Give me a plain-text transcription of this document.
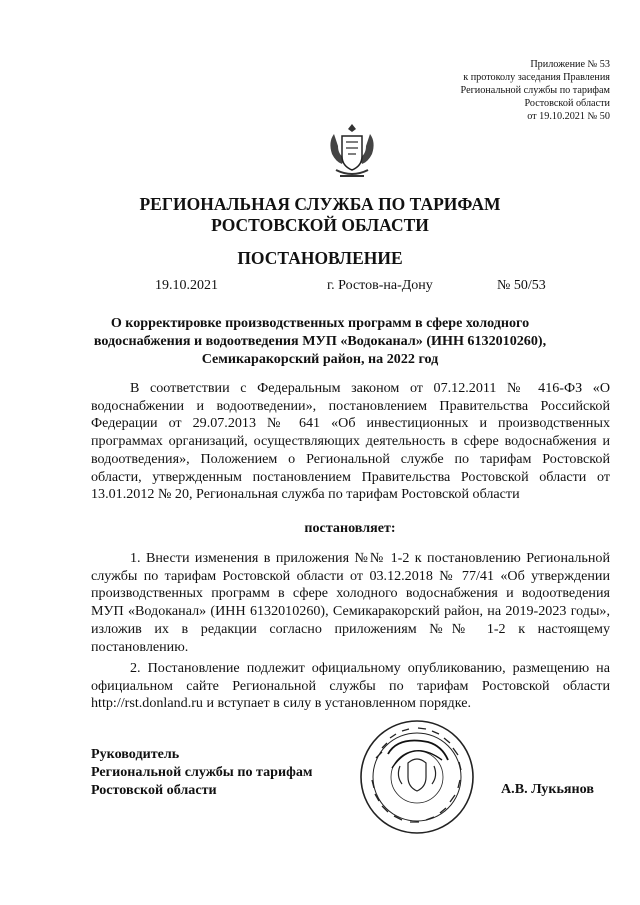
Приложение № 53
к протоколу заседания Правления
Региональной службы по тарифам
Ростовской области
от 19.10.2021 № 50
РЕГИОНАЛЬНАЯ СЛУЖБА ПО ТАРИФАМ
РОСТОВСКОЙ ОБЛАСТИ
ПОСТАНОВЛЕНИЕ
19.10.2021	г. Ростов-на-Дону	№ 50/53
О корректировке производственных программ в сфере холодного водоснабжения и водоотведения МУП «Водоканал» (ИНН 6132010260), Семикаракорский район, на 2022 год
В соответствии с Федеральным законом от 07.12.2011 № 416-ФЗ «О водоснабжении и водоотведении», постановлением Правительства Российской Федерации от 29.07.2013 № 641 «Об инвестиционных и производственных программах организаций, осуществляющих деятельность в сфере водоснабжения и водоотведения», Положением о Региональной службе по тарифам Ростовской области, утвержденным постановлением Правительства Ростовской области от 13.01.2012 № 20, Региональная служба по тарифам Ростовской области
постановляет:
1. Внести изменения в приложения №№ 1-2 к постановлению Региональной службы по тарифам Ростовской области от 03.12.2018 № 77/41 «Об утверждении производственных программ в сфере холодного водоснабжения и водоотведения МУП «Водоканал» (ИНН 6132010260), Семикаракорский район, на 2019-2023 годы», изложив их в редакции согласно приложениям №№ 1-2 к настоящему постановлению.
2. Постановление подлежит официальному опубликованию, размещению на официальном сайте Региональной службы по тарифам Ростовской области http://rst.donland.ru и вступает в силу в установленном порядке.
Руководитель
Региональной службы по тарифам
Ростовской области	А.В. Лукьянов
